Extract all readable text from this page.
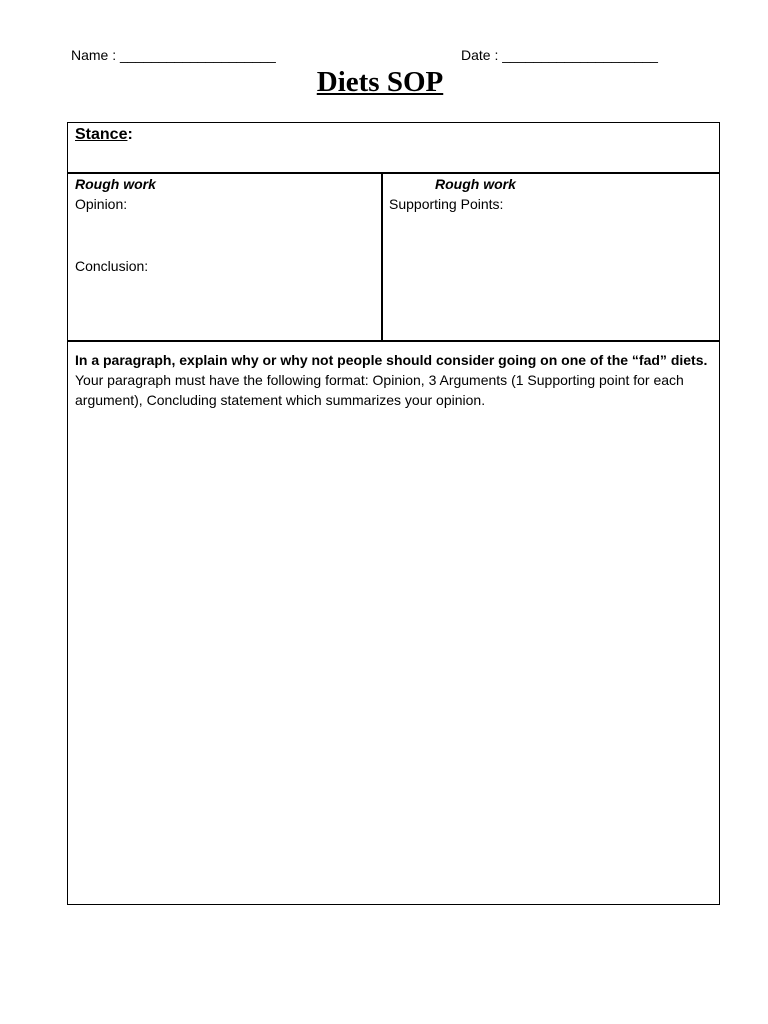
Name : ____________________	Date : ____________________
Diets SOP
Stance:
Rough work
Opinion:
Conclusion:
Rough work
Supporting Points:
In a paragraph, explain why or why not people should consider going on one of the “fad” diets. Your paragraph must have the following format: Opinion, 3 Arguments (1 Supporting point for each argument), Concluding statement which summarizes your opinion.
